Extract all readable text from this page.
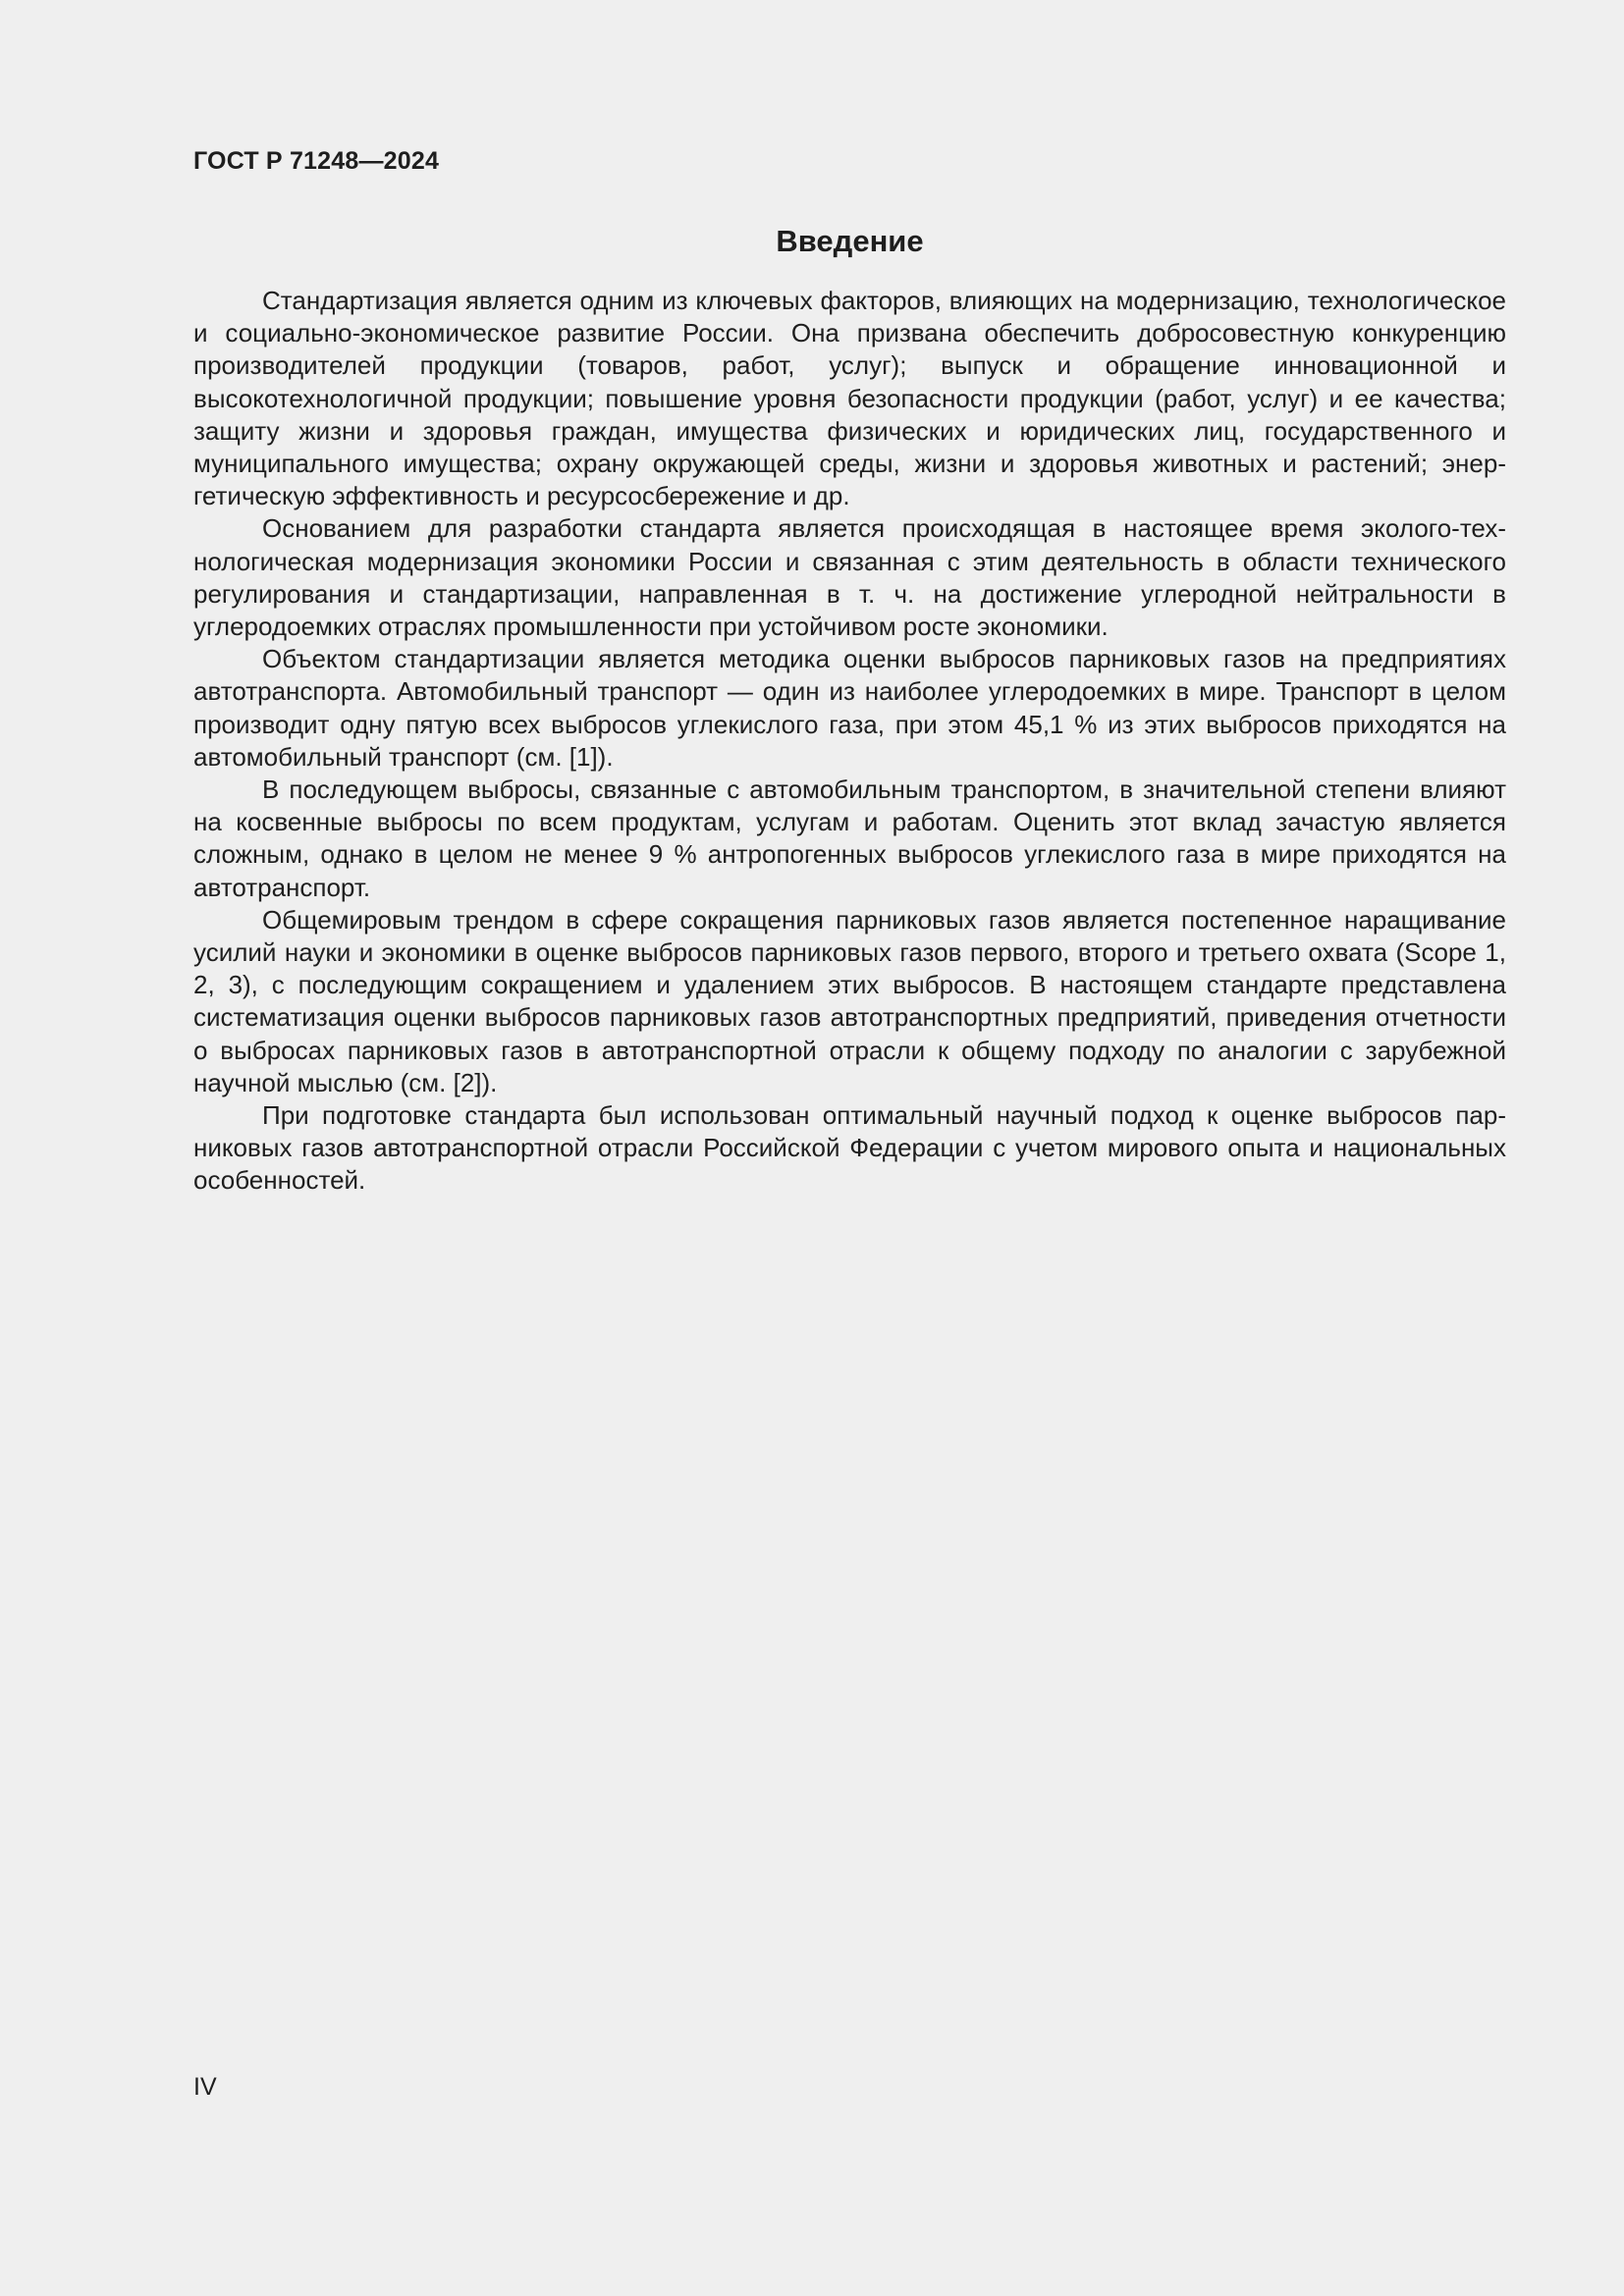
ГОСТ Р 71248—2024
Введение

Стандартизация является одним из ключевых факторов, влияющих на модернизацию, технологическое и социально-экономическое развитие России. Она призвана обеспечить добросовестную конкуренцию производителей продукции (товаров, работ, услуг); выпуск и обращение инновационной и высокотехнологичной продукции; повышение уровня безопасности продукции (работ, услуг) и ее качества; защиту жизни и здоровья граждан, имущества физических и юридических лиц, государственного и муниципального имущества; охрану окружающей среды, жизни и здоровья животных и растений; энергетическую эффективность и ресурсосбережение и др.

Основанием для разработки стандарта является происходящая в настоящее время эколого-технологическая модернизация экономики России и связанная с этим деятельность в области технического регулирования и стандартизации, направленная в т. ч. на достижение углеродной нейтральности в углеродоемких отраслях промышленности при устойчивом росте экономики.

Объектом стандартизации является методика оценки выбросов парниковых газов на предприятиях автотранспорта. Автомобильный транспорт — один из наиболее углеродоемких в мире. Транспорт в целом производит одну пятую всех выбросов углекислого газа, при этом 45,1 % из этих выбросов приходятся на автомобильный транспорт (см. [1]).

В последующем выбросы, связанные с автомобильным транспортом, в значительной степени влияют на косвенные выбросы по всем продуктам, услугам и работам. Оценить этот вклад зачастую является сложным, однако в целом не менее 9 % антропогенных выбросов углекислого газа в мире приходятся на автотранспорт.

Общемировым трендом в сфере сокращения парниковых газов является постепенное наращивание усилий науки и экономики в оценке выбросов парниковых газов первого, второго и третьего охвата (Scope 1, 2, 3), с последующим сокращением и удалением этих выбросов. В настоящем стандарте представлена систематизация оценки выбросов парниковых газов автотранспортных предприятий, приведения отчетности о выбросах парниковых газов в автотранспортной отрасли к общему подходу по аналогии с зарубежной научной мыслью (см. [2]).

При подготовке стандарта был использован оптимальный научный подход к оценке выбросов парниковых газов автотранспортной отрасли Российской Федерации с учетом мирового опыта и национальных особенностей.

IV
